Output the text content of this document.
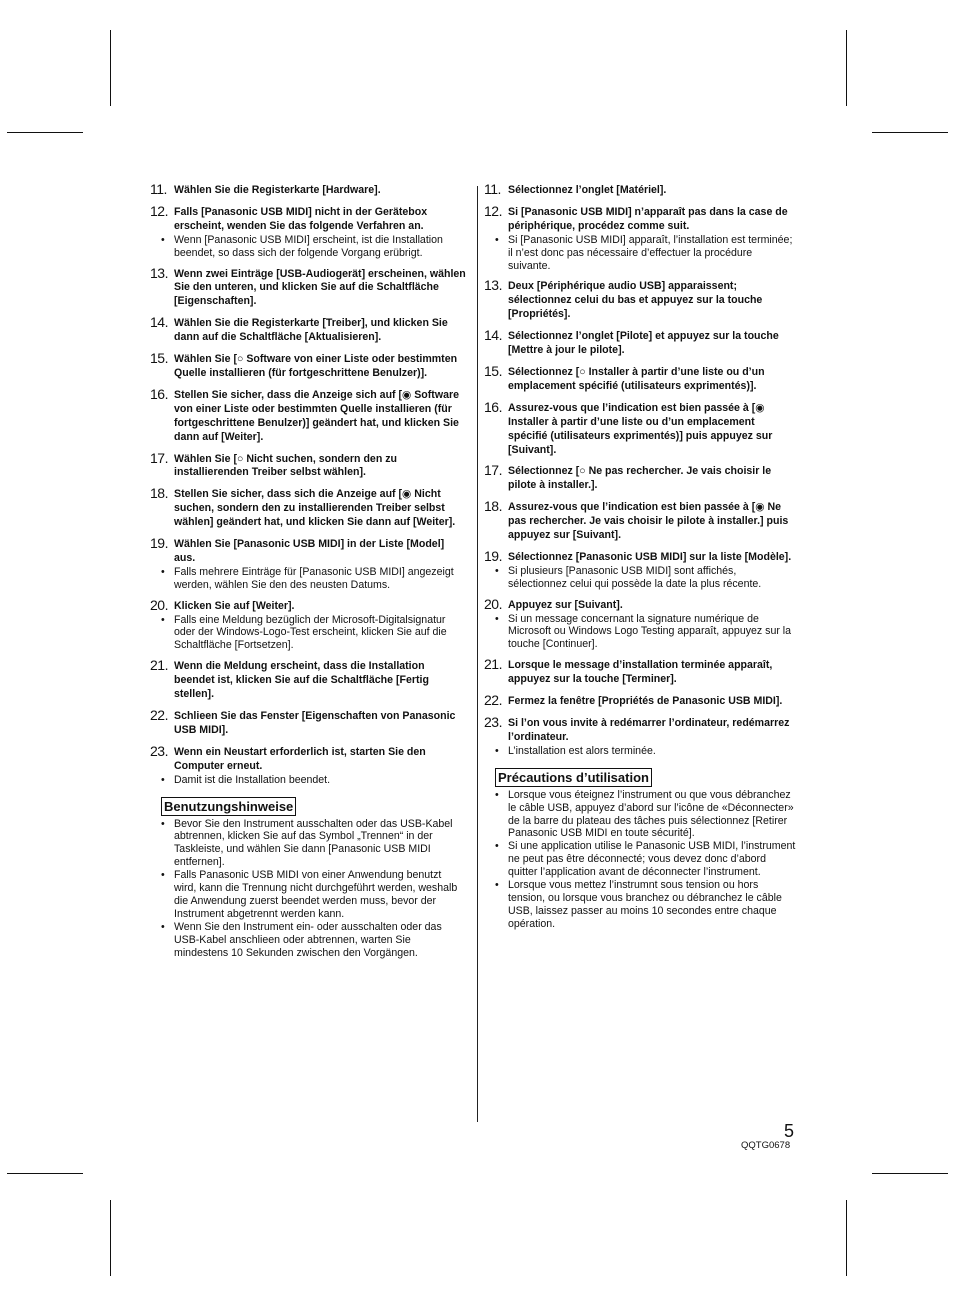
11. Wählen Sie die Registerkarte [Hardware].
12. Falls [Panasonic USB MIDI] nicht in der Gerätebox erscheint, wenden Sie das folgende Verfahren an.
• Wenn [Panasonic USB MIDI] erscheint, ist die Installation beendet, so dass sich der folgende Vorgang erübrigt.
13. Wenn zwei Einträge [USB-Audiogerät] erscheinen, wählen Sie den unteren, und klicken Sie auf die Schaltfläche [Eigenschaften].
14. Wählen Sie die Registerkarte [Treiber], und klicken Sie dann auf die Schaltfläche [Aktualisieren].
15. Wählen Sie [○ Software von einer Liste oder bestimmten Quelle installieren (für fortgeschrittene Benulzer)].
16. Stellen Sie sicher, dass die Anzeige sich auf [◉ Software von einer Liste oder bestimmten Quelle installieren (für fortgeschrittene Benulzer)] geändert hat, und klicken Sie dann auf [Weiter].
17. Wählen Sie [○ Nicht suchen, sondern den zu installierenden Treiber selbst wählen].
18. Stellen Sie sicher, dass sich die Anzeige auf [◉ Nicht suchen, sondern den zu installierenden Treiber selbst wählen] geändert hat, und klicken Sie dann auf [Weiter].
19. Wählen Sie [Panasonic USB MIDI] in der Liste [Model] aus.
• Falls mehrere Einträge für [Panasonic USB MIDI] angezeigt werden, wählen Sie den des neusten Datums.
20. Klicken Sie auf [Weiter].
• Falls eine Meldung bezüglich der Microsoft-Digitalsignatur oder der Windows-Logo-Test erscheint, klicken Sie auf die Schaltfläche [Fortsetzen].
21. Wenn die Meldung erscheint, dass die Installation beendet ist, klicken Sie auf die Schaltfläche [Fertig stellen].
22. Schlieen Sie das Fenster [Eigenschaften von Panasonic USB MIDI].
23. Wenn ein Neustart erforderlich ist, starten Sie den Computer erneut.
• Damit ist die Installation beendet.
Benutzungshinweise
• Bevor Sie den Instrument ausschalten oder das USB-Kabel abtrennen, klicken Sie auf das Symbol „Trennen“ in der Taskleiste, und wählen Sie dann [Panasonic USB MIDI entfernen].
• Falls Panasonic USB MIDI von einer Anwendung benutzt wird, kann die Trennung nicht durchgeführt werden, weshalb die Anwendung zuerst beendet werden muss, bevor der Instrument abgetrennt werden kann.
• Wenn Sie den Instrument ein- oder ausschalten oder das USB-Kabel anschlieen oder abtrennen, warten Sie mindestens 10 Sekunden zwischen den Vorgängen.
11. Sélectionnez l’onglet [Matériel].
12. Si [Panasonic USB MIDI] n’apparaît pas dans la case de périphérique, procédez comme suit.
• Si [Panasonic USB MIDI] apparaît, l’installation est terminée; il n’est donc pas nécessaire d’effectuer la procédure suivante.
13. Deux [Périphérique audio USB] apparaissent; sélectionnez celui du bas et appuyez sur la touche [Propriétés].
14. Sélectionnez l’onglet [Pilote] et appuyez sur la touche [Mettre à jour le pilote].
15. Sélectionnez [○ Installer à partir d’une liste ou d’un emplacement spécifié (utilisateurs exprimentés)].
16. Assurez-vous que l’indication est bien passée à [◉ Installer à partir d’une liste ou d’un emplacement spécifié (utilisateurs exprimentés)] puis appuyez sur [Suivant].
17. Sélectionnez [○ Ne pas rechercher. Je vais choisir le pilote à installer.].
18. Assurez-vous que l’indication est bien passée à [◉ Ne pas rechercher. Je vais choisir le pilote à installer.] puis appuyez sur [Suivant].
19. Sélectionnez [Panasonic USB MIDI] sur la liste [Modèle].
• Si plusieurs [Panasonic USB MIDI] sont affichés, sélectionnez celui qui possède la date la plus récente.
20. Appuyez sur [Suivant].
• Si un message concernant la signature numérique de Microsoft ou Windows Logo Testing apparaît, appuyez sur la touche [Continuer].
21. Lorsque le message d’installation terminée apparaît, appuyez sur la touche [Terminer].
22. Fermez la fenêtre [Propriétés de Panasonic USB MIDI].
23. Si l’on vous invite à redémarrer l’ordinateur, redémarrez l’ordinateur.
• L’installation est alors terminée.
Précautions d’utilisation
• Lorsque vous éteignez l’instrument ou que vous débranchez le câble USB, appuyez d’abord sur l’icône de «Déconnecter» de la barre du plateau des tâches puis sélectionnez [Retirer Panasonic USB MIDI en toute sécurité].
• Si une application utilise le Panasonic USB MIDI, l’instrument ne peut pas être déconnecté; vous devez donc d’abord quitter l’application avant de déconnecter l’instrument.
• Lorsque vous mettez l’instrumnt sous tension ou hors tension, ou lorsque vous branchez ou débranchez le câble USB, laissez passer au moins 10 secondes entre chaque opération.
5
QQTG0678
